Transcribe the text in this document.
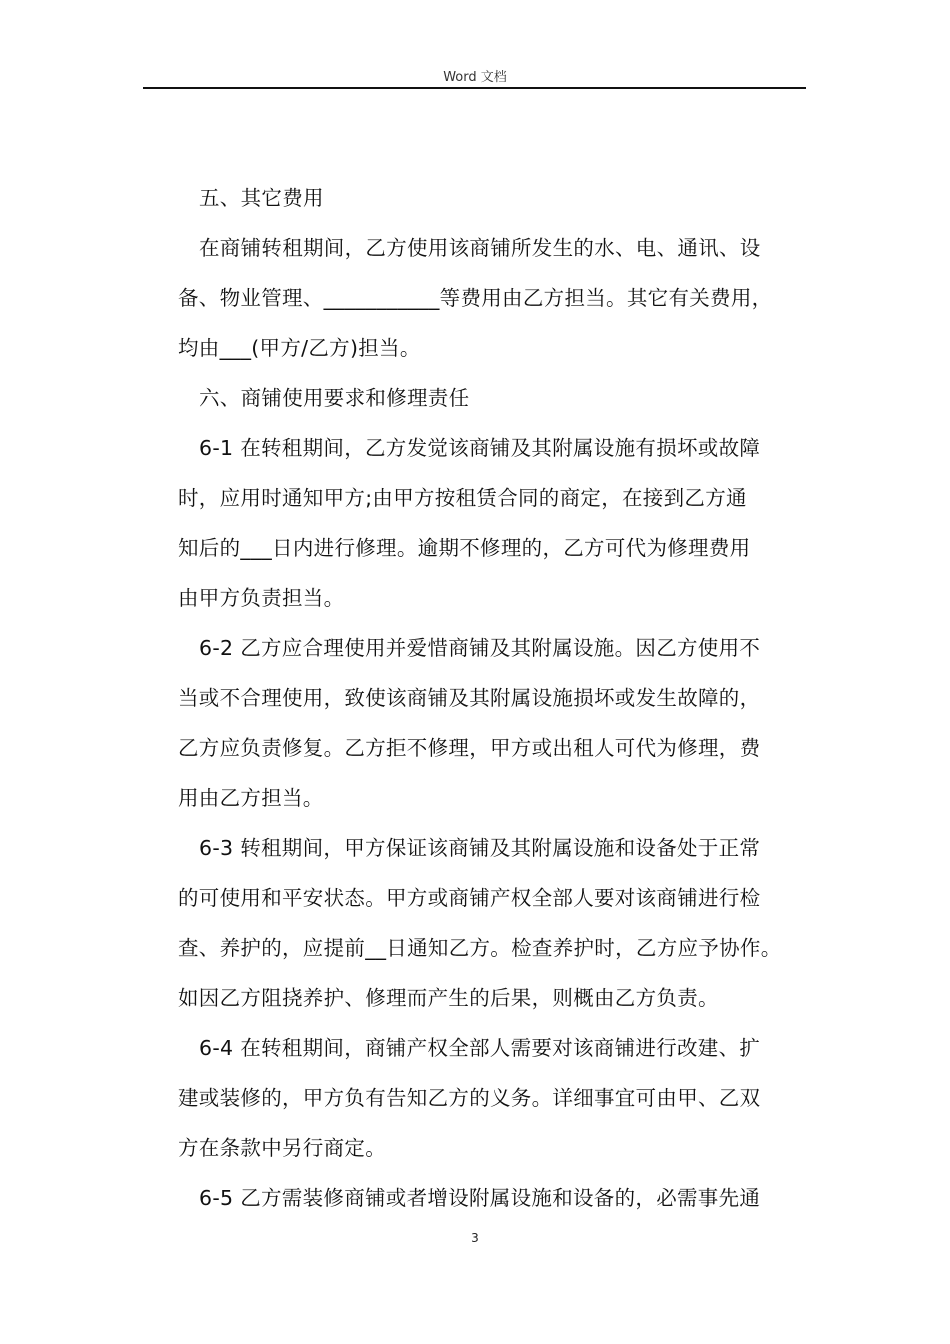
Word 文档
五、其它费用
在商铺转租期间，乙方使用该商铺所发生的水、电、通讯、设
备、物业管理、___________等费用由乙方担当。其它有关费用，
均由___(甲方/乙方)担当。
六、商铺使用要求和修理责任
6-1 在转租期间，乙方发觉该商铺及其附属设施有损坏或故障
时，应用时通知甲方;由甲方按租赁合同的商定，在接到乙方通
知后的___日内进行修理。逾期不修理的，乙方可代为修理费用
由甲方负责担当。
6-2 乙方应合理使用并爱惜商铺及其附属设施。因乙方使用不
当或不合理使用，致使该商铺及其附属设施损坏或发生故障的，
乙方应负责修复。乙方拒不修理，甲方或出租人可代为修理，费
用由乙方担当。
6-3 转租期间，甲方保证该商铺及其附属设施和设备处于正常
的可使用和平安状态。甲方或商铺产权全部人要对该商铺进行检
查、养护的，应提前__日通知乙方。检查养护时，乙方应予协作。
如因乙方阻挠养护、修理而产生的后果，则概由乙方负责。
6-4 在转租期间，商铺产权全部人需要对该商铺进行改建、扩
建或装修的，甲方负有告知乙方的义务。详细事宜可由甲、乙双
方在条款中另行商定。
6-5 乙方需装修商铺或者增设附属设施和设备的，必需事先通
3
